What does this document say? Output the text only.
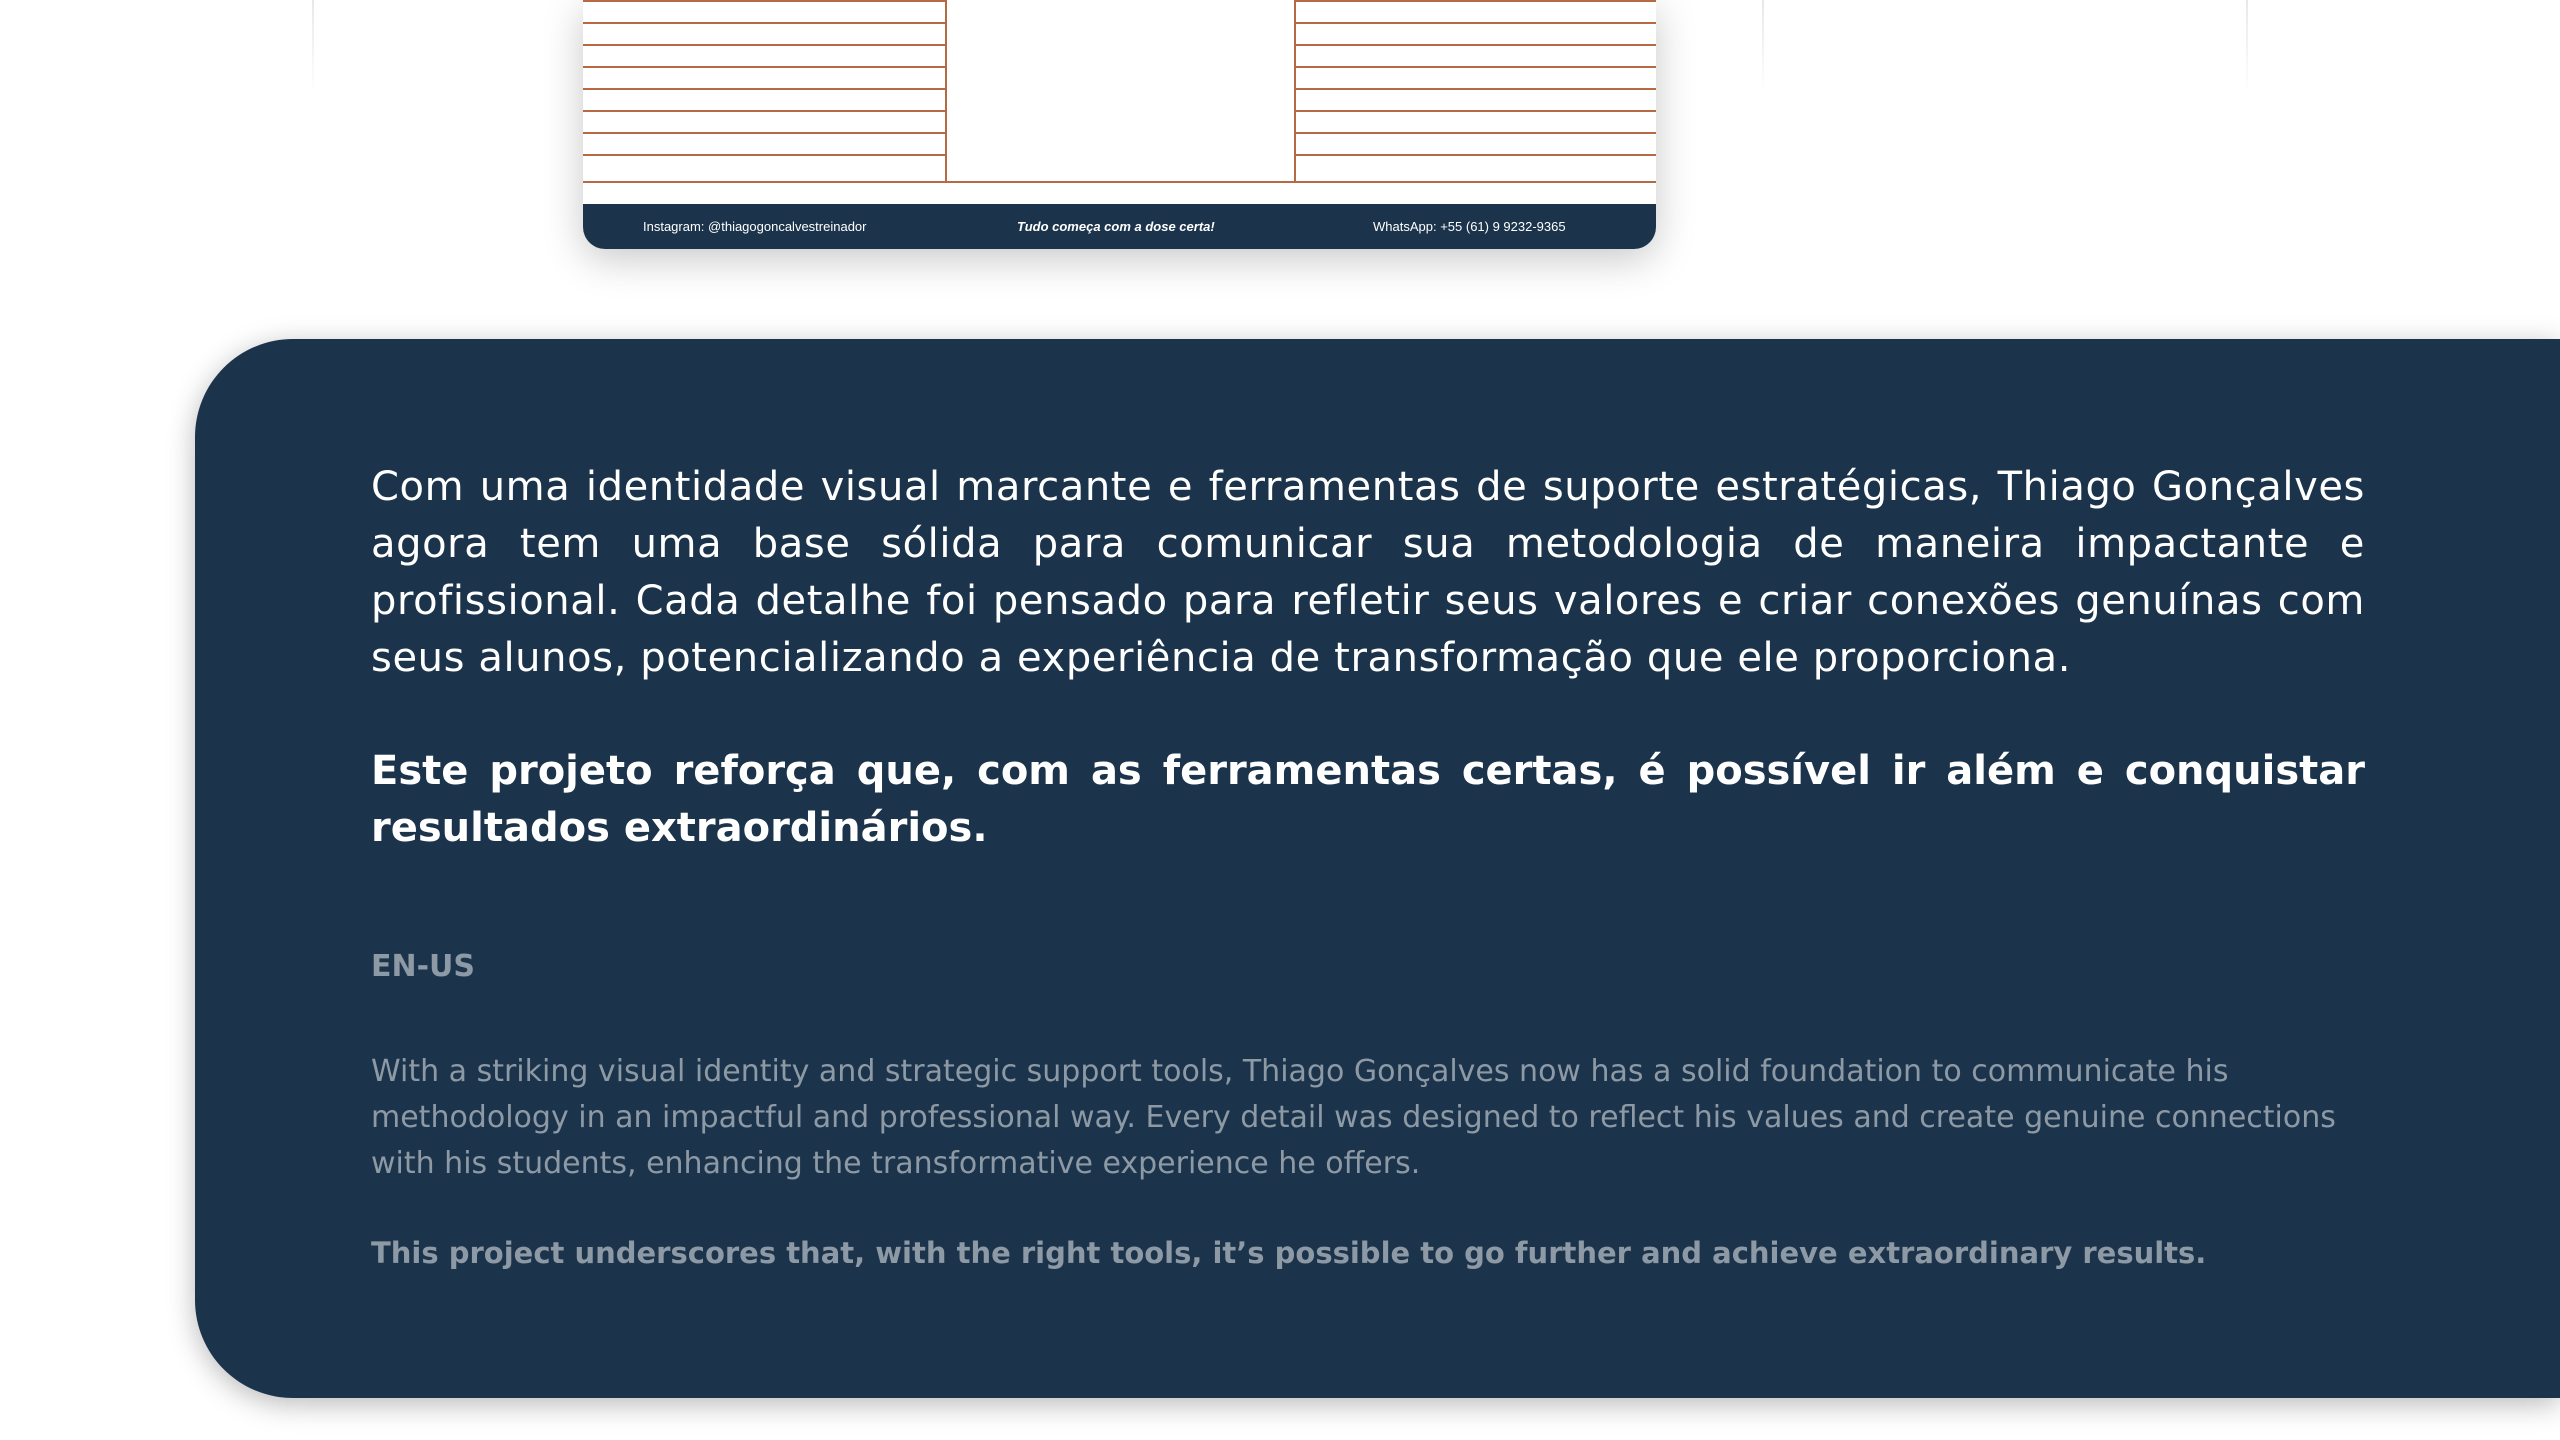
Instagram: @thiagogoncalvestreinador	Tudo começa com a dose certa!	WhatsApp: +55 (61) 9 9232-9365

Com uma identidade visual marcante e ferramentas de suporte estratégicas, Thiago Gonçalves agora tem uma base sólida para comunicar sua metodologia de maneira impactante e profissional. Cada detalhe foi pensado para refletir seus valores e criar conexões genuínas com seus alunos, potencializando a experiência de transformação que ele proporciona.

Este projeto reforça que, com as ferramentas certas, é possível ir além e conquistar resultados extraordinários.

EN-US

With a striking visual identity and strategic support tools, Thiago Gonçalves now has a solid foundation to communicate his methodology in an impactful and professional way. Every detail was designed to reflect his values and create genuine connections with his students, enhancing the transformative experience he offers.

This project underscores that, with the right tools, it’s possible to go further and achieve extraordinary results.
